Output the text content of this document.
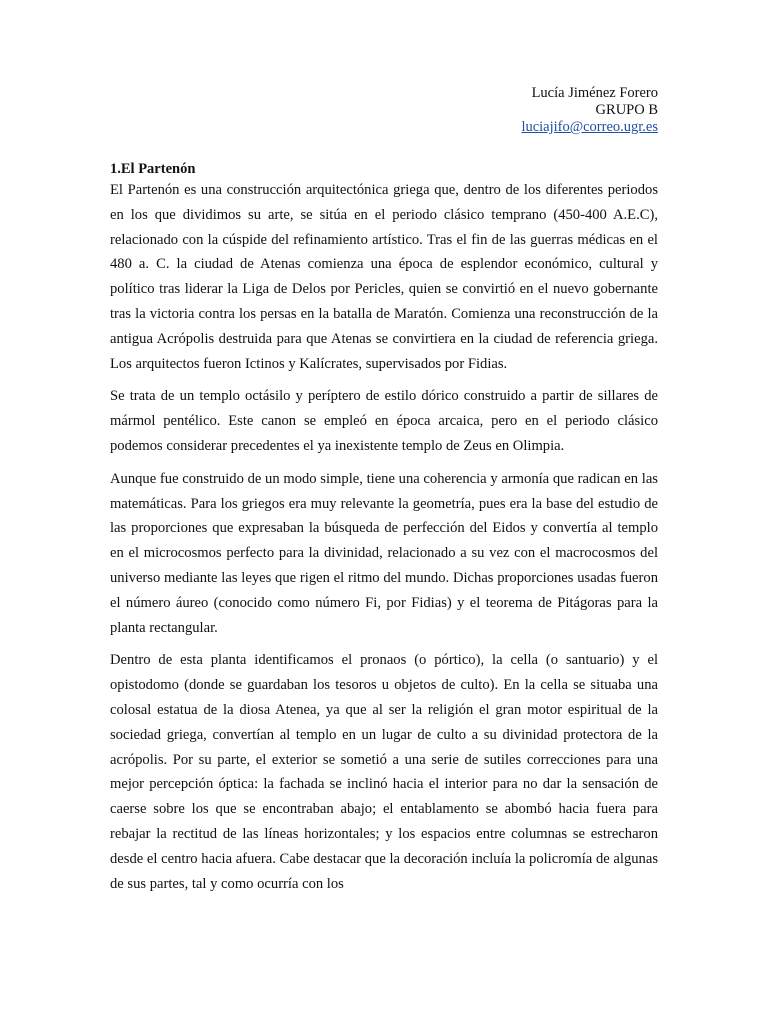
Lucía Jiménez Forero
GRUPO B
luciajifo@correo.ugr.es
1.El Partenón

El Partenón es una construcción arquitectónica griega que, dentro de los diferentes periodos en los que dividimos su arte, se sitúa en el periodo clásico temprano (450-400 A.E.C), relacionado con la cúspide del refinamiento artístico. Tras el fin de las guerras médicas en el 480 a. C. la ciudad de Atenas comienza una época de esplendor económico, cultural y político tras liderar la Liga de Delos por Pericles, quien se convirtió en el nuevo gobernante tras la victoria contra los persas en la batalla de Maratón. Comienza una reconstrucción de la antigua Acrópolis destruida para que Atenas se convirtiera en la ciudad de referencia griega. Los arquitectos fueron Ictinos y Kalícrates, supervisados por Fidias.

Se trata de un templo octásilo y períptero de estilo dórico construido a partir de sillares de mármol pentélico. Este canon se empleó en época arcaica, pero en el periodo clásico podemos considerar precedentes el ya inexistente templo de Zeus en Olimpia.

Aunque fue construido de un modo simple, tiene una coherencia y armonía que radican en las matemáticas. Para los griegos era muy relevante la geometría, pues era la base del estudio de las proporciones que expresaban la búsqueda de perfección del Eidos y convertía al templo en el microcosmos perfecto para la divinidad, relacionado a su vez con el macrocosmos del universo mediante las leyes que rigen el ritmo del mundo. Dichas proporciones usadas fueron el número áureo (conocido como número Fi, por Fidias) y el teorema de Pitágoras para la planta rectangular.

Dentro de esta planta identificamos el pronaos (o pórtico), la cella (o santuario) y el opistodomo (donde se guardaban los tesoros u objetos de culto). En la cella se situaba una colosal estatua de la diosa Atenea, ya que al ser la religión el gran motor espiritual de la sociedad griega, convertían al templo en un lugar de culto a su divinidad protectora de la acrópolis. Por su parte, el exterior se sometió a una serie de sutiles correcciones para una mejor percepción óptica: la fachada se inclinó hacia el interior para no dar la sensación de caerse sobre los que se encontraban abajo; el entablamento se abombó hacia fuera para rebajar la rectitud de las líneas horizontales; y los espacios entre columnas se estrecharon desde el centro hacia afuera. Cabe destacar que la decoración incluía la policromía de algunas de sus partes, tal y como ocurría con los
